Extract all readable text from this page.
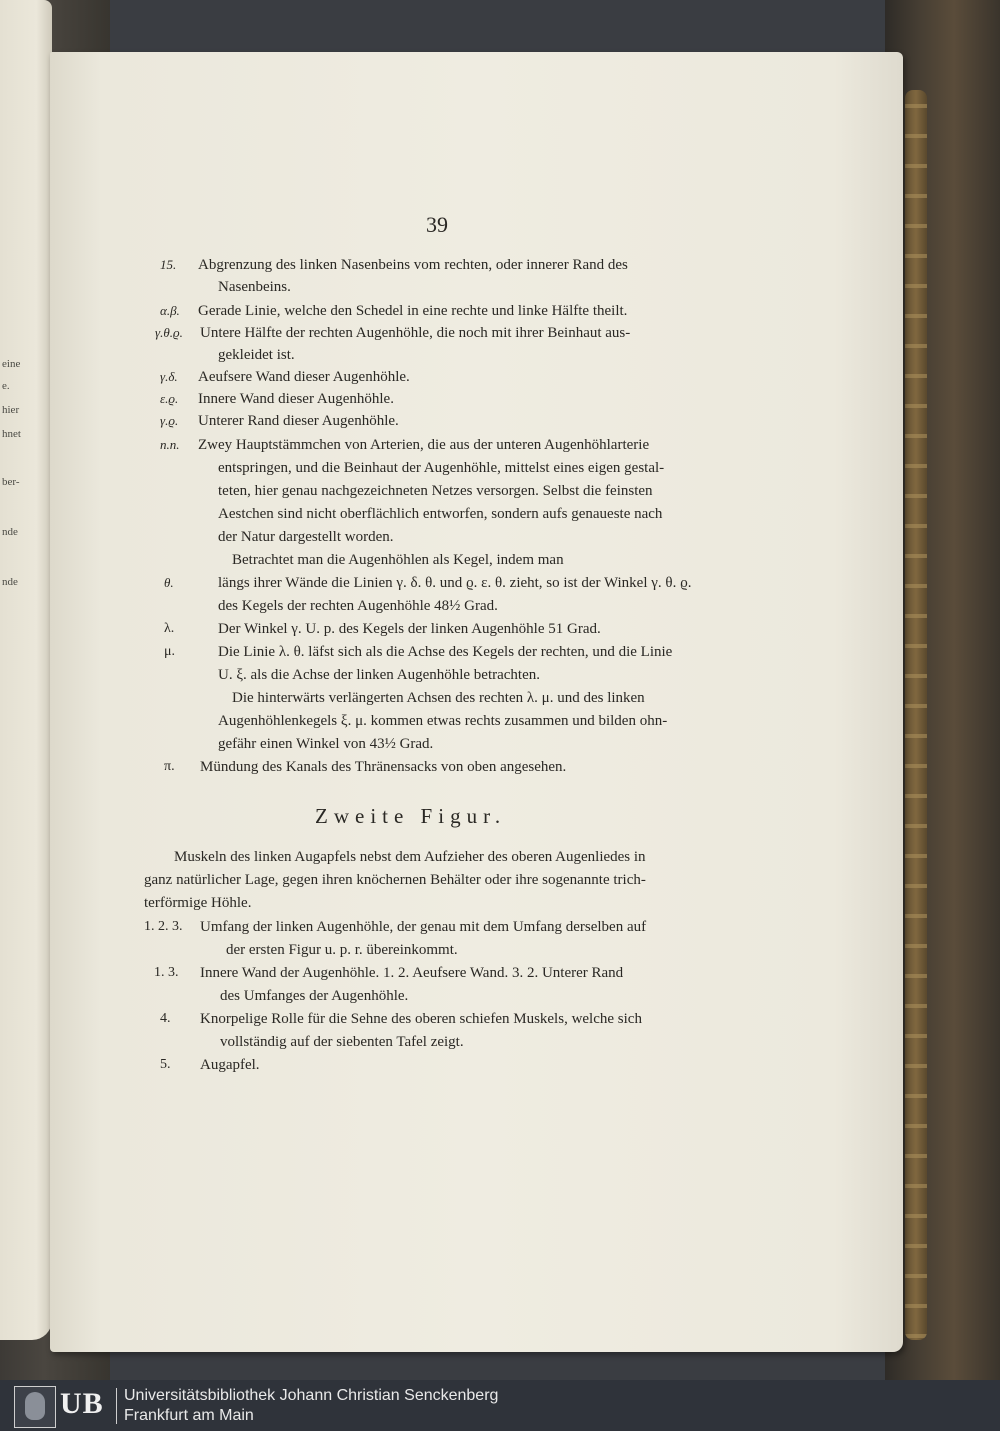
eine
e.
hier
hnet
ber-
nde
nde
39
15. Abgrenzung des linken Nasenbeins vom rechten, oder innerer Rand des
Nasenbeins.
α.β. Gerade Linie, welche den Schedel in eine rechte und linke Hälfte theilt.
γ.θ.ϱ. Untere Hälfte der rechten Augenhöhle, die noch mit ihrer Beinhaut aus-
gekleidet ist.
γ.δ. Aeufsere Wand dieser Augenhöhle.
ε.ϱ. Innere Wand dieser Augenhöhle.
γ.ϱ. Unterer Rand dieser Augenhöhle.
n.n. Zwey Hauptstämmchen von Arterien, die aus der unteren Augenhöhlarterie
entspringen, und die Beinhaut der Augenhöhle, mittelst eines eigen gestal-
teten, hier genau nachgezeichneten Netzes versorgen. Selbst die feinsten
Aestchen sind nicht oberflächlich entworfen, sondern aufs genaueste nach
der Natur dargestellt worden.
Betrachtet man die Augenhöhlen als Kegel, indem man
θ.	längs ihrer Wände die Linien γ. δ. θ. und ϱ. ε. θ. zieht, so ist der Winkel γ. θ. ϱ.
des Kegels der rechten Augenhöhle 48½ Grad.
λ.	Der Winkel γ. U. p. des Kegels der linken Augenhöhle 51 Grad.
μ.	Die Linie λ. θ. läfst sich als die Achse des Kegels der rechten, und die Linie
U. ξ. als die Achse der linken Augenhöhle betrachten.
Die hinterwärts verlängerten Achsen des rechten λ. μ. und des linken
Augenhöhlenkegels ξ. μ. kommen etwas rechts zusammen und bilden ohn-
gefähr einen Winkel von 43½ Grad.
π. Mündung des Kanals des Thränensacks von oben angesehen.
Zweite Figur.
Muskeln des linken Augapfels nebst dem Aufzieher des oberen Augenliedes in
ganz natürlicher Lage, gegen ihren knöchernen Behälter oder ihre sogenannte trich-
terförmige Höhle.
1. 2. 3. Umfang der linken Augenhöhle, der genau mit dem Umfang derselben auf
der ersten Figur u. p. r. übereinkommt.
1. 3. Innere Wand der Augenhöhle. 1. 2. Aeufsere Wand. 3. 2. Unterer Rand
des Umfanges der Augenhöhle.
4. Knorpelige Rolle für die Sehne des oberen schiefen Muskels, welche sich
vollständig auf der siebenten Tafel zeigt.
5. Augapfel.
UB Universitätsbibliothek Johann Christian Senckenberg
Frankfurt am Main
